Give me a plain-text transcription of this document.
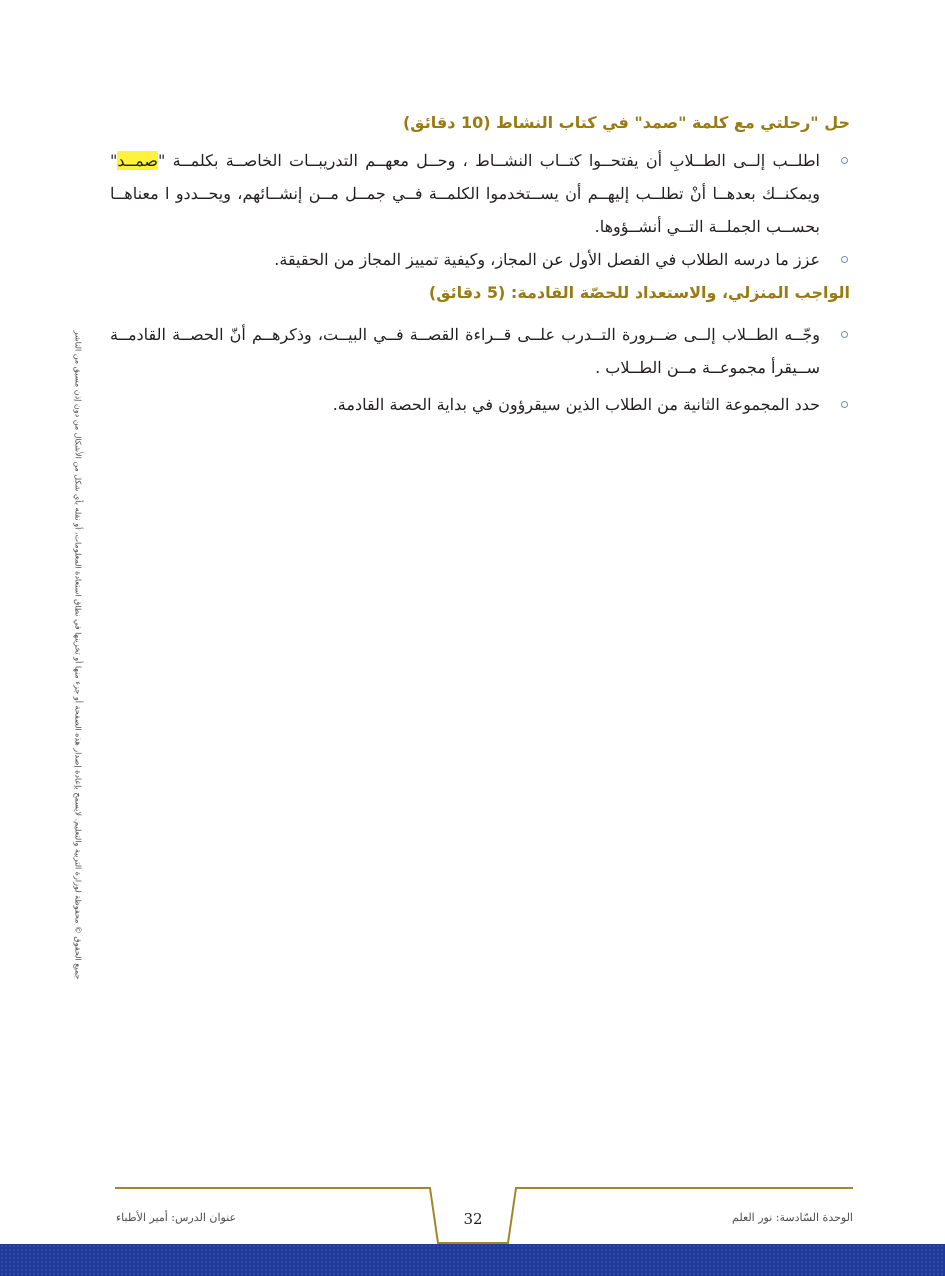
حل "رحلتي مع كلمة "صمد" في كتاب النشاط (10 دقائق)
اطلــب إلــى الطــلابِ أن يفتحــوا كتــاب النشــاط ، وحــل معهــم التدريبــات الخاصــة بكلمــة "صمــد" ويمكنــك بعدهــا أنْ تطلــب إليهــم أن يســتخدموا الكلمــة فــي جمــل مــن إنشــائهم، ويحــددو ا معناهــا بحســب الجملــة التــي أنشــؤوها.
عزز ما درسه الطلاب في الفصل الأول عن المجاز، وكيفية تمييز المجاز من الحقيقة.
الواجب المنزلي، والاستعداد للحصّة القادمة: (5 دقائق)
وجّــه الطــلاب إلــى ضــرورة التــدرب علــى قــراءة القصــة فــي البيــت، وذكرهــم أنّ الحصــة القادمــة ســيقرأ مجموعــة مــن الطــلاب .
حدد المجموعة الثانية من الطلاب الذين سيقرؤون في بداية الحصة القادمة.
جميع الحقوق © محفوظة لوزارة التربية والتعليم. لايسمح بإعادة إصدار هذه الصفحة أو جزء منها أو تخزينها في نطاق استعادة المعلومات، أو نقله بأي شكل من الأشكال من دون إذن مسبق من الناشر
عنوان الدرس: أمير الأطباء	32	الوحدة السّادسة: نور العلم
